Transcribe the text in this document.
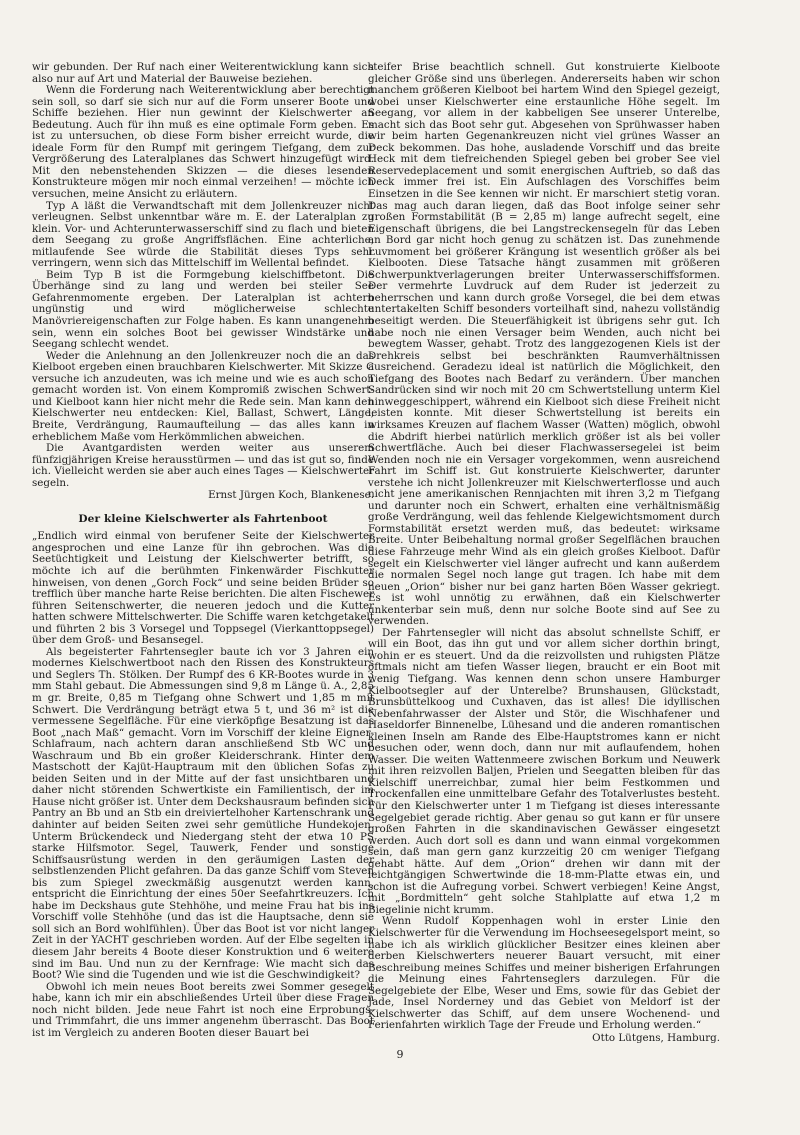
wir gebunden. Der Ruf nach einer Weiterentwicklung kann sich also nur auf Art und Material der Bauweise beziehen.

Wenn die Forderung nach Weiterentwicklung aber berechtigt sein soll, so darf sie sich nur auf die Form unserer Boote und Schiffe beziehen. Hier nun gewinnt der Kielschwerter an Bedeutung. Auch für ihn muß es eine optimale Form geben. Es ist zu untersuchen, ob diese Form bisher erreicht wurde, die ideale Form für den Rumpf mit geringem Tiefgang, dem zur Vergrößerung des Lateralplanes das Schwert hinzugefügt wird. Mit den nebenstehenden Skizzen — die dieses lesenden Konstrukteure mögen mir noch einmal verzeihen! — möchte ich versuchen, meine Ansicht zu erläutern.

Typ A läßt die Verwandtschaft mit dem Jollenkreuzer nicht verleugnen. Selbst unkenntbar wäre m. E. der Lateralplan zu klein. Vor- und Achterunterwasserschiff sind zu flach und bieten dem Seegang zu große Angriffsflächen. Eine achterliche, mitlaufende See würde die Stabilität dieses Typs sehr verringern, wenn sich das Mittelschiff im Wellental befindet.

Beim Typ B ist die Formgebung kielschiffbetont. Die Überhänge sind zu lang und werden bei steiler See Gefahrenmomente ergeben. Der Lateralplan ist achtern ungünstig und wird möglicherweise schlechte Manövriereigenschaften zur Folge haben. Es kann unangenehm sein, wenn ein solches Boot bei gewisser Windstärke und Seegang schlecht wendet.

Weder die Anlehnung an den Jollenkreuzer noch die an das Kielboot ergeben einen brauchbaren Kielschwerter. Mit Skizze C versuche ich anzudeuten, was ich meine und wie es auch schon gemacht worden ist. Von einem Kompromiß zwischen Schwert- und Kielboot kann hier nicht mehr die Rede sein. Man kann den Kielschwerter neu entdecken: Kiel, Ballast, Schwert, Länge, Breite, Verdrängung, Raumaufteilung — das alles kann in erheblichem Maße vom Herkömmlichen abweichen.

Die Avantgardisten werden weiter aus unserem fünfzigjährigen Kreise herausstürmen — und das ist gut so, finde ich. Vielleicht werden sie aber auch eines Tages — Kielschwerter segeln.
Ernst Jürgen Koch, Blankenese.

Der kleine Kielschwerter als Fahrtenboot

„Endlich wird einmal von berufener Seite der Kielschwerter angesprochen und eine Lanze für ihn gebrochen. Was die Seetüchtigkeit und Leistung der Kielschwerter betrifft, so möchte ich auf die berühmten Finkenwärder Fischkutter hinweisen, von denen „Gorch Fock“ und seine beiden Brüder so trefflich über manche harte Reise berichten. Die alten Fischewer führen Seitenschwerter, die neueren jedoch und die Kutter hatten schwere Mittelschwerter. Die Schiffe waren ketchgetakelt und führten 2 bis 3 Vorsegel und Toppsegel (Vierkanttoppsegel) über dem Groß- und Besansegel.

Als begeisterter Fahrtensegler baute ich vor 3 Jahren ein modernes Kielschwertboot nach den Rissen des Konstrukteurs und Seglers Th. Stölken. Der Rumpf des 6 KR-Bootes wurde in 3 mm Stahl gebaut. Die Abmessungen sind 9,8 m Länge ü. A., 2,85 m gr. Breite, 0,85 m Tiefgang ohne Schwert und 1,85 m mit Schwert. Die Verdrängung beträgt etwa 5 t, und 36 m² ist die vermessene Segelfläche. Für eine vierköpfige Besatzung ist das Boot „nach Maß“ gemacht. Vorn im Vorschiff der kleine Eigner-Schlafraum, nach achtern daran anschließend Stb WC und Waschraum und Bb ein großer Kleiderschrank. Hinter dem Mastschott der Kajüt-Hauptraum mit den üblichen Sofas zu beiden Seiten und in der Mitte auf der fast unsichtbaren und daher nicht störenden Schwertkiste ein Familientisch, der im Hause nicht größer ist. Unter dem Deckshausraum befinden sich Pantry an Bb und an Stb ein dreiviertelhoher Kartenschrank und dahinter auf beiden Seiten zwei sehr gemütliche Hundekojen. Unterm Brückendeck und Niedergang steht der etwa 10 PS starke Hilfsmotor. Segel, Tauwerk, Fender und sonstige Schiffsausrüstung werden in den geräumigen Lasten der selbstlenzenden Plicht gefahren. Da das ganze Schiff vom Steven bis zum Spiegel zweckmäßig ausgenutzt werden kann, entspricht die Einrichtung der eines 50er Seefahrtkreuzers. Ich habe im Deckshaus gute Stehhöhe, und meine Frau hat bis ins Vorschiff volle Stehhöhe (und das ist die Hauptsache, denn sie soll sich an Bord wohlfühlen). Über das Boot ist vor nicht langer Zeit in der YACHT geschrieben worden. Auf der Elbe segelten in diesem Jahr bereits 4 Boote dieser Konstruktion und 6 weitere sind im Bau. Und nun zu der Kernfrage: Wie macht sich das Boot? Wie sind die Tugenden und wie ist die Geschwindigkeit?

Obwohl ich mein neues Boot bereits zwei Sommer gesegelt habe, kann ich mir ein abschließendes Urteil über diese Fragen noch nicht bilden. Jede neue Fahrt ist noch eine Erprobungs- und Trimmfahrt, die uns immer angenehm überrascht. Das Boot ist im Vergleich zu anderen Booten dieser Bauart bei

steifer Brise beachtlich schnell. Gut konstruierte Kielboote gleicher Größe sind uns überlegen. Andererseits haben wir schon manchem größeren Kielboot bei hartem Wind den Spiegel gezeigt, wobei unser Kielschwerter eine erstaunliche Höhe segelt. Im Seegang, vor allem in der kabbeligen See unserer Unterelbe, macht sich das Boot sehr gut. Abgesehen von Sprühwasser haben wir beim harten Gegenankreuzen nicht viel grünes Wasser an Deck bekommen. Das hohe, ausladende Vorschiff und das breite Heck mit dem tiefreichenden Spiegel geben bei grober See viel Reservedeplacement und somit energischen Auftrieb, so daß das Deck immer frei ist. Ein Aufschlagen des Vorschiffes beim Einsetzen in die See kennen wir nicht. Er marschiert stetig voran. Das mag auch daran liegen, daß das Boot infolge seiner sehr großen Formstabilität (B = 2,85 m) lange aufrecht segelt, eine Eigenschaft übrigens, die bei Langstreckensegeln für das Leben an Bord gar nicht hoch genug zu schätzen ist. Das zunehmende Luvmoment bei größerer Krängung ist wesentlich größer als bei Kielbooten. Diese Tatsache hängt zusammen mit größeren Schwerpunktverlagerungen breiter Unterwasserschiffsformen. Der vermehrte Luvdruck auf dem Ruder ist jederzeit zu beherrschen und kann durch große Vorsegel, die bei dem etwas untertakelten Schiff besonders vorteilhaft sind, nahezu vollständig beseitigt werden. Die Steuerfähigkeit ist übrigens sehr gut. Ich habe noch nie einen Versager beim Wenden, auch nicht bei bewegtem Wasser, gehabt. Trotz des langgezogenen Kiels ist der Drehkreis selbst bei beschränkten Raumverhältnissen ausreichend. Geradezu ideal ist natürlich die Möglichkeit, den Tiefgang des Bootes nach Bedarf zu verändern. Über manchen Sandrücken sind wir noch mit 20 cm Schwertstellung unterm Kiel hinweggeschippert, während ein Kielboot sich diese Freiheit nicht leisten konnte. Mit dieser Schwertstellung ist bereits ein wirksames Kreuzen auf flachem Wasser (Watten) möglich, obwohl die Abdrift hierbei natürlich merklich größer ist als bei voller Schwertfläche. Auch bei dieser Flachwassersegelei ist beim Wenden noch nie ein Versager vorgekommen, wenn ausreichend Fahrt im Schiff ist. Gut konstruierte Kielschwerter, darunter verstehe ich nicht Jollenkreuzer mit Kielschwerterflosse und auch nicht jene amerikanischen Rennjachten mit ihren 3,2 m Tiefgang und darunter noch ein Schwert, erhalten eine verhältnismäßig große Verdrängung, weil das fehlende Kielgewichtsmoment durch Formstabilität ersetzt werden muß, das bedeutet: wirksame Breite. Unter Beibehaltung normal großer Segelflächen brauchen diese Fahrzeuge mehr Wind als ein gleich großes Kielboot. Dafür segelt ein Kielschwerter viel länger aufrecht und kann außerdem die normalen Segel noch lange gut tragen. Ich habe mit dem neuen „Orion“ bisher nur bei ganz harten Böen Wasser gekriegt. Es ist wohl unnötig zu erwähnen, daß ein Kielschwerter unkenterbar sein muß, denn nur solche Boote sind auf See zu verwenden.

Der Fahrtensegler will nicht das absolut schnellste Schiff, er will ein Boot, das ihn gut und vor allem sicher dorthin bringt, wohin er es steuert. Und da die reizvollsten und ruhigsten Plätze oftmals nicht am tiefen Wasser liegen, braucht er ein Boot mit wenig Tiefgang. Was kennen denn schon unsere Hamburger Kielbootsegler auf der Unterelbe? Brunshausen, Glückstadt, Brunsbüttelkoog und Cuxhaven, das ist alles! Die idyllischen Nebenfahrwasser der Alster und Stör, die Wischhafener und Haseldorfer Binnenelbe, Lühesand und die anderen romantischen kleinen Inseln am Rande des Elbe-Hauptstromes kann er nicht besuchen oder, wenn doch, dann nur mit auflaufendem, hohen Wasser. Die weiten Wattenmeere zwischen Borkum und Neuwerk mit ihren reizvollen Baljen, Prielen und Seegatten bleiben für das Kielschiff unerreichbar, zumal hier beim Festkommen und Trockenfallen eine unmittelbare Gefahr des Totalverlustes besteht. Für den Kielschwerter unter 1 m Tiefgang ist dieses interessante Segelgebiet gerade richtig. Aber genau so gut kann er für unsere großen Fahrten in die skandinavischen Gewässer eingesetzt werden. Auch dort soll es dann und wann einmal vorgekommen sein, daß man gern ganz kurzzeitig 20 cm weniger Tiefgang gehabt hätte. Auf dem „Orion“ drehen wir dann mit der leichtgängigen Schwertwinde die 18-mm-Platte etwas ein, und schon ist die Aufregung vorbei. Schwert verbiegen! Keine Angst, mit „Bordmitteln“ geht solche Stahlplatte auf etwa 1,2 m Biegelinie nicht krumm.

Wenn Rudolf Koppenhagen wohl in erster Linie den Kielschwerter für die Verwendung im Hochseesegelsport meint, so habe ich als wirklich glücklicher Besitzer eines kleinen aber derben Kielschwerters neuerer Bauart versucht, mit einer Beschreibung meines Schiffes und meiner bisherigen Erfahrungen die Meinung eines Fahrtenseglers darzulegen. Für die Segelgebiete der Elbe, Weser und Ems, sowie für das Gebiet der Jade, Insel Norderney und das Gebiet von Meldorf ist der Kielschwerter das Schiff, auf dem unsere Wochenend- und Ferienfahrten wirklich Tage der Freude und Erholung werden.“
Otto Lütgens, Hamburg.

9
